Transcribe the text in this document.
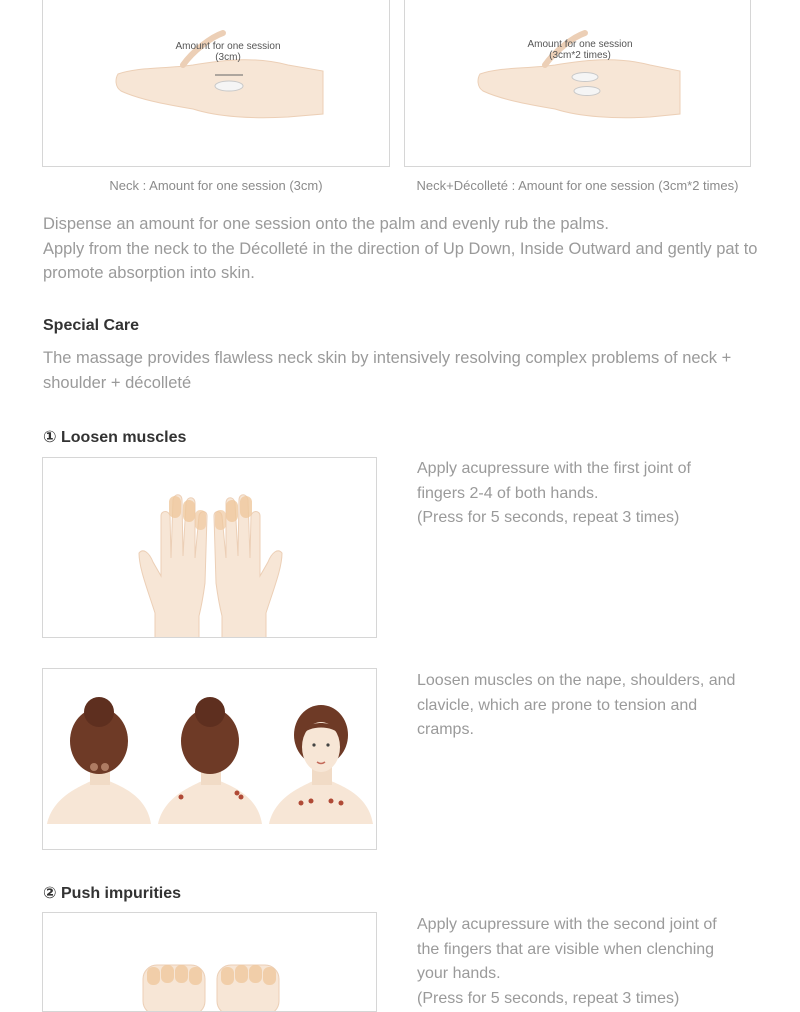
Amount for one session
(3cm)
Amount for one session
(3cm*2 times)
Neck : Amount for one session (3cm)	Neck+Décolleté : Amount for one session (3cm*2 times)
Dispense an amount for one session onto the palm and evenly rub the palms.
Apply from the neck to the Décolleté in the direction of Up Down, Inside Outward and gently pat to promote absorption into skin.
Special Care
The massage provides flawless neck skin by intensively resolving complex problems of neck + shoulder + décolleté
① Loosen muscles
Apply acupressure with the first joint of
fingers 2-4 of both hands.
(Press for 5 seconds, repeat 3 times)
Loosen muscles on the nape, shoulders, and
clavicle, which are prone to tension and
cramps.
② Push impurities
Apply acupressure with the second joint of
the fingers that are visible when clenching
your hands.
(Press for 5 seconds, repeat 3 times)
